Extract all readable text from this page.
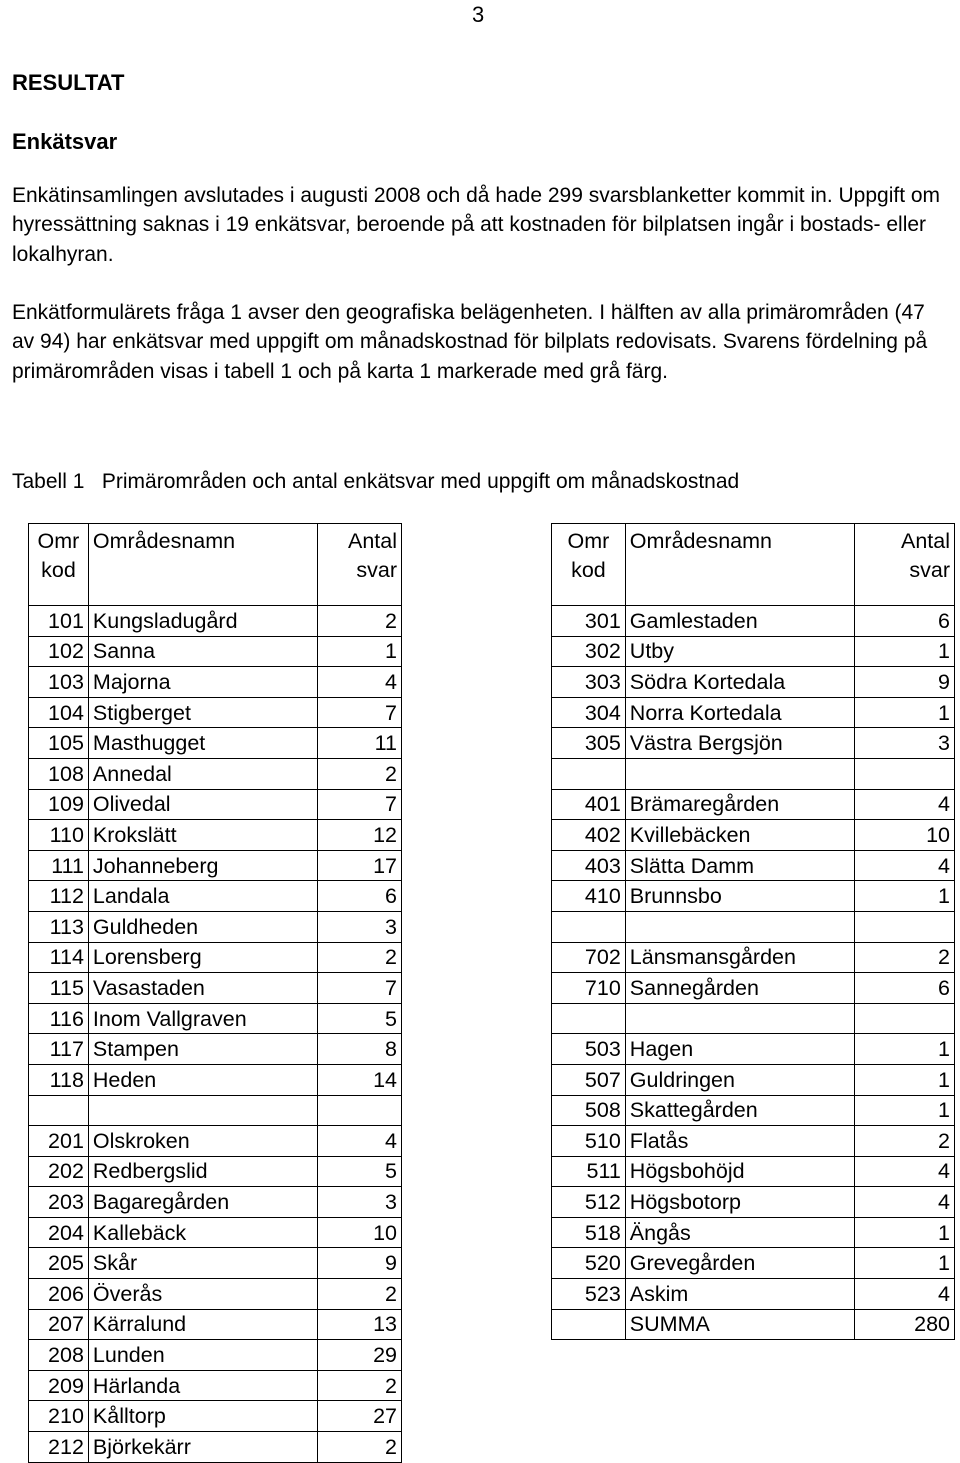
3
RESULTAT
Enkätsvar

Enkätinsamlingen avslutades i augusti 2008 och då hade 299 svarsblanketter kommit in. Uppgift om hyressättning saknas i 19 enkätsvar, beroende på att kostnaden för bilplatsen ingår i bostads- eller lokalhyran.

Enkätformulärets fråga 1 avser den geografiska belägenheten. I hälften av alla primärområden (47 av 94) har enkätsvar med uppgift om månadskostnad för bilplats redovisats. Svarens fördelning på primärområden visas i tabell 1 och på karta 1 markerade med grå färg.

Tabell 1   Primärområden och antal enkätsvar med uppgift om månadskostnad
Omr
kod	Områdesnamn	Antal
svar
101	Kungsladugård	2
102	Sanna	1
103	Majorna	4
104	Stigberget	7
105	Masthugget	11
108	Annedal	2
109	Olivedal	7
110	Krokslätt	12
111	Johanneberg	17
112	Landala	6
113	Guldheden	3
114	Lorensberg	2
115	Vasastaden	7
116	Inom Vallgraven	5
117	Stampen	8
118	Heden	14

201	Olskroken	4
202	Redbergslid	5
203	Bagaregården	3
204	Kallebäck	10
205	Skår	9
206	Överås	2
207	Kärralund	13
208	Lunden	29
209	Härlanda	2
210	Kålltorp	27
212	Björkekärr	2
Omr
kod	Områdesnamn	Antal
svar
301	Gamlestaden	6
302	Utby	1
303	Södra Kortedala	9
304	Norra Kortedala	1
305	Västra Bergsjön	3

401	Brämaregården	4
402	Kvillebäcken	10
403	Slätta Damm	4
410	Brunnsbo	1

702	Länsmansgården	2
710	Sannegården	6

503	Hagen	1
507	Guldringen	1
508	Skattegården	1
510	Flatås	2
511	Högsbohöjd	4
512	Högsbotorp	4
518	Ängås	1
520	Grevegården	1
523	Askim	4
	SUMMA	280
